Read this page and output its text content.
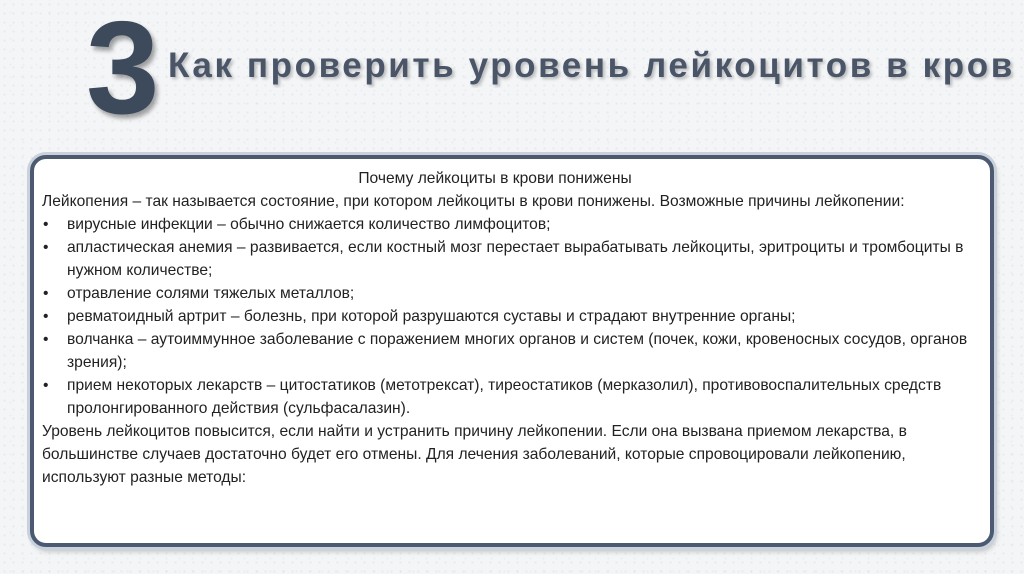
3 Как проверить уровень лейкоцитов в кров
Почему лейкоциты в крови понижены

Лейкопения – так называется состояние, при котором лейкоциты в крови понижены. Возможные причины лейкопении:

• вирусные инфекции – обычно снижается количество лимфоцитов;
• апластическая анемия – развивается, если костный мозг перестает вырабатывать лейкоциты, эритроциты и тромбоциты в нужном количестве;
• отравление солями тяжелых металлов;
• ревматоидный артрит – болезнь, при которой разрушаются суставы и страдают внутренние органы;
• волчанка – аутоиммунное заболевание с поражением многих органов и систем (почек, кожи, кровеносных сосудов, органов зрения);
• прием некоторых лекарств – цитостатиков (метотрексат), тиреостатиков (мерказолил), противовоспалительных средств пролонгированного действия (сульфасалазин).

Уровень лейкоцитов повысится, если найти и устранить причину лейкопении. Если она вызвана приемом лекарства, в большинстве случаев достаточно будет его отмены. Для лечения заболеваний, которые спровоцировали лейкопению, используют разные методы:
